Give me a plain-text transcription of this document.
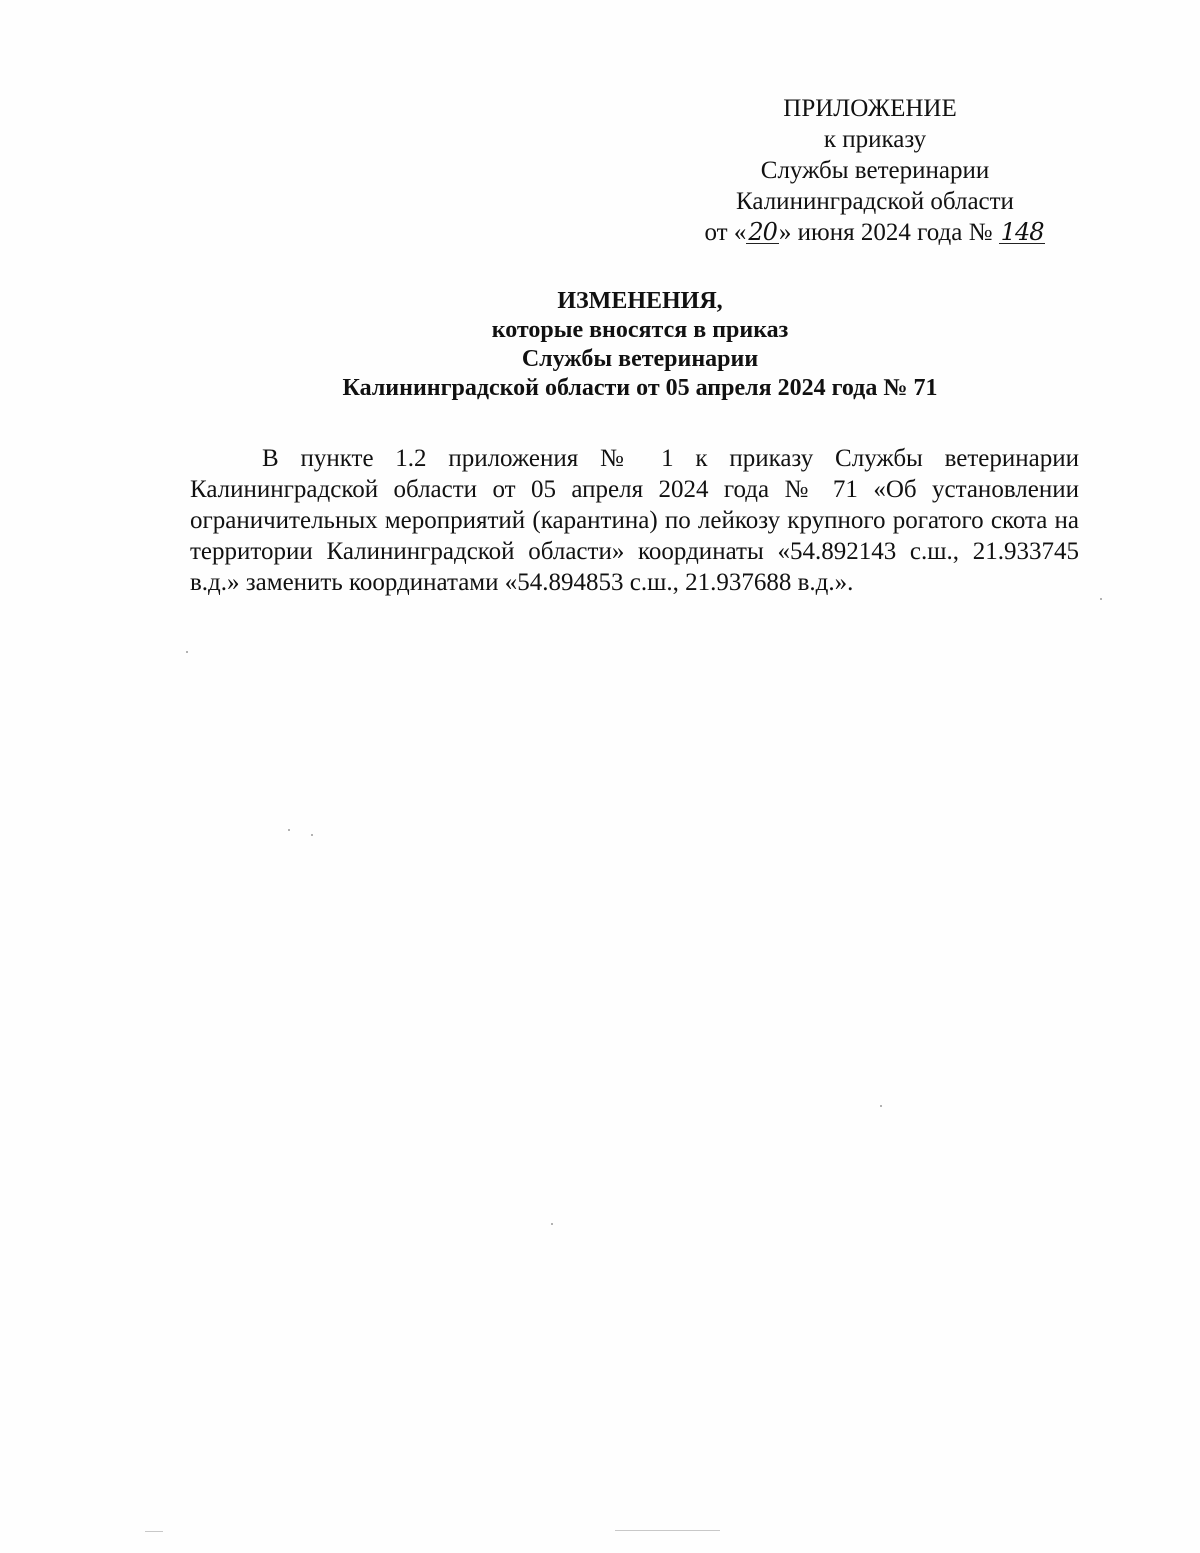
ПРИЛОЖЕНИЕ
к приказу
Службы ветеринарии
Калининградской области
от «20» июня 2024 года № 148
ИЗМЕНЕНИЯ,
которые вносятся в приказ
Службы ветеринарии
Калининградской области от 05 апреля 2024 года № 71

В пункте 1.2 приложения № 1 к приказу Службы ветеринарии Калининградской области от 05 апреля 2024 года № 71 «Об установлении ограничительных мероприятий (карантина) по лейкозу крупного рогатого скота на территории Калининградской области» координаты «54.892143 с.ш., 21.933745 в.д.» заменить координатами «54.894853 с.ш., 21.937688 в.д.».
